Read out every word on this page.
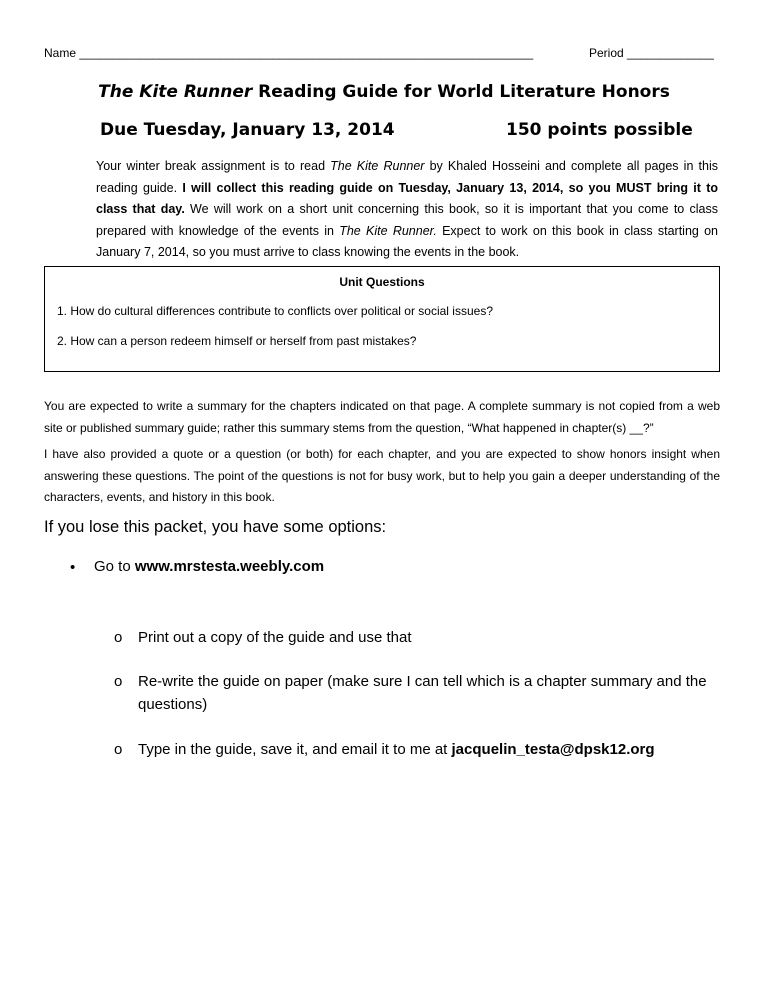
Name ____________________________________________________________________	Period _____________
The Kite Runner Reading Guide for World Literature Honors
Due Tuesday, January 13, 2014	150 points possible
Your winter break assignment is to read The Kite Runner by Khaled Hosseini and complete all pages in this reading guide. I will collect this reading guide on Tuesday, January 13, 2014, so you MUST bring it to class that day. We will work on a short unit concerning this book, so it is important that you come to class prepared with knowledge of the events in The Kite Runner. Expect to work on this book in class starting on January 7, 2014, so you must arrive to class knowing the events in the book.
Unit Questions
1. How do cultural differences contribute to conflicts over political or social issues?
2. How can a person redeem himself or herself from past mistakes?
You are expected to write a summary for the chapters indicated on that page. A complete summary is not copied from a web site or published summary guide; rather this summary stems from the question, “What happened in chapter(s) __?”
I have also provided a quote or a question (or both) for each chapter, and you are expected to show honors insight when answering these questions. The point of the questions is not for busy work, but to help you gain a deeper understanding of the characters, events, and history in this book.
If you lose this packet, you have some options:
• Go to www.mrstesta.weebly.com
o Print out a copy of the guide and use that
o Re-write the guide on paper (make sure I can tell which is a chapter summary and the questions)
o Type in the guide, save it, and email it to me at jacquelin_testa@dpsk12.org
